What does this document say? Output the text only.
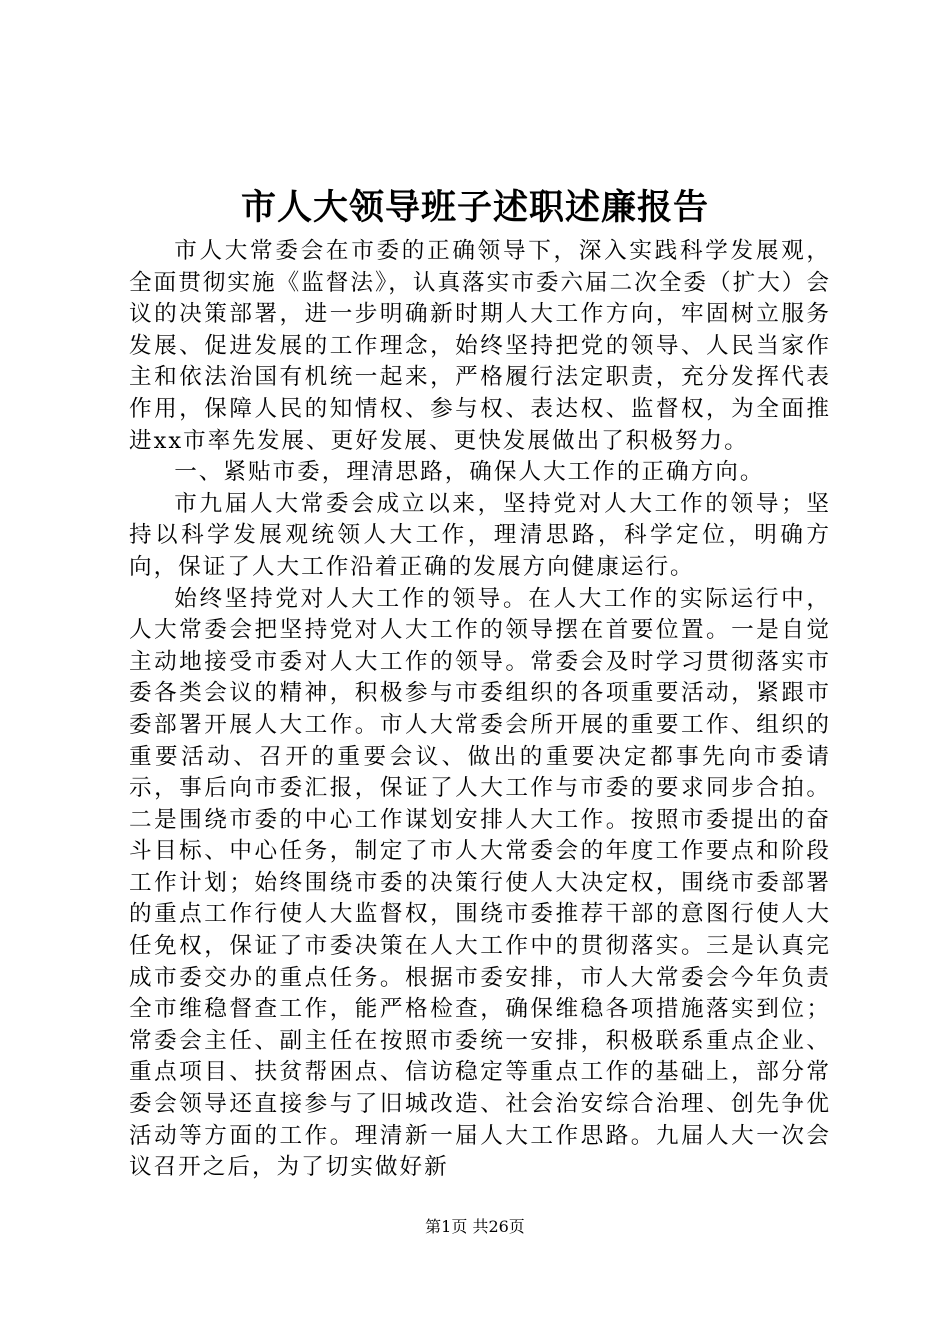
市人大领导班子述职述廉报告

市人大常委会在市委的正确领导下，深入实践科学发展观，全面贯彻实施《监督法》，认真落实市委六届二次全委（扩大）会议的决策部署，进一步明确新时期人大工作方向，牢固树立服务发展、促进发展的工作理念，始终坚持把党的领导、人民当家作主和依法治国有机统一起来，严格履行法定职责，充分发挥代表作用，保障人民的知情权、参与权、表达权、监督权，为全面推进xx市率先发展、更好发展、更快发展做出了积极努力。

一、紧贴市委，理清思路，确保人大工作的正确方向。

市九届人大常委会成立以来，坚持党对人大工作的领导；坚持以科学发展观统领人大工作，理清思路，科学定位，明确方向，保证了人大工作沿着正确的发展方向健康运行。

始终坚持党对人大工作的领导。在人大工作的实际运行中，人大常委会把坚持党对人大工作的领导摆在首要位置。一是自觉主动地接受市委对人大工作的领导。常委会及时学习贯彻落实市委各类会议的精神，积极参与市委组织的各项重要活动，紧跟市委部署开展人大工作。市人大常委会所开展的重要工作、组织的重要活动、召开的重要会议、做出的重要决定都事先向市委请示，事后向市委汇报，保证了人大工作与市委的要求同步合拍。二是围绕市委的中心工作谋划安排人大工作。按照市委提出的奋斗目标、中心任务，制定了市人大常委会的年度工作要点和阶段工作计划；始终围绕市委的决策行使人大决定权，围绕市委部署的重点工作行使人大监督权，围绕市委推荐干部的意图行使人大任免权，保证了市委决策在人大工作中的贯彻落实。三是认真完成市委交办的重点任务。根据市委安排，市人大常委会今年负责全市维稳督查工作，能严格检查，确保维稳各项措施落实到位；常委会主任、副主任在按照市委统一安排，积极联系重点企业、重点项目、扶贫帮困点、信访稳定等重点工作的基础上，部分常委会领导还直接参与了旧城改造、社会治安综合治理、创先争优活动等方面的工作。理清新一届人大工作思路。九届人大一次会议召开之后，为了切实做好新

第1页 共26页
